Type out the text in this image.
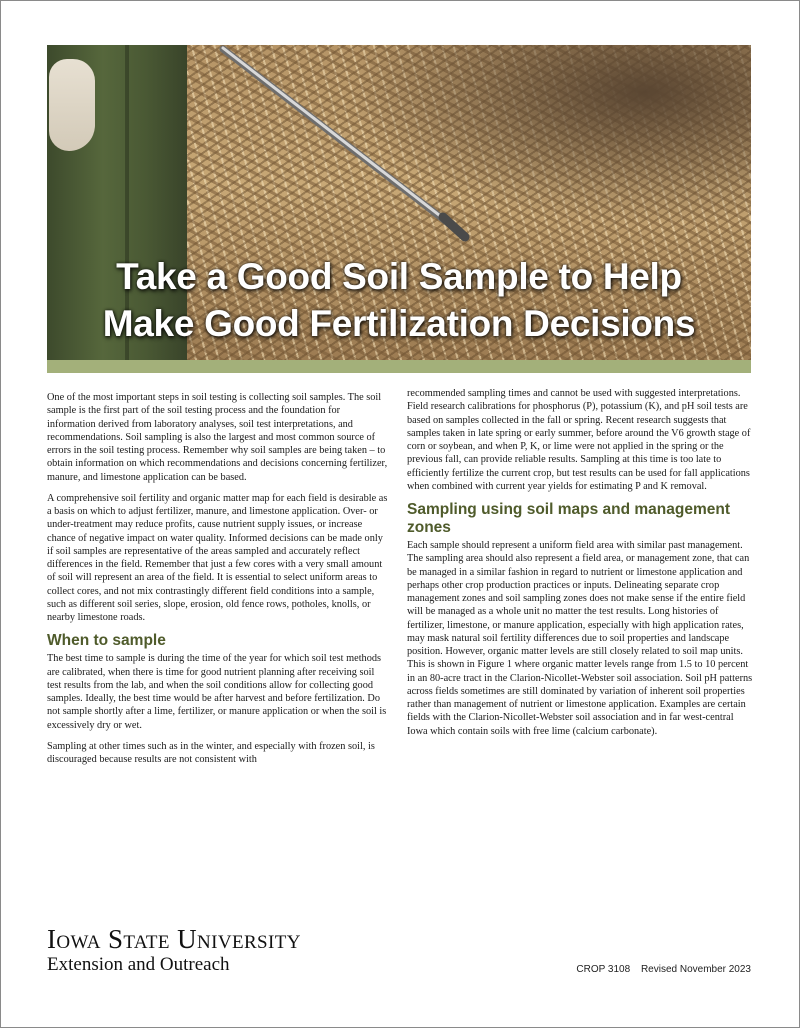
Take a Good Soil Sample to Help
Make Good Fertilization Decisions

One of the most important steps in soil testing is collecting soil samples. The soil sample is the first part of the soil testing process and the foundation for information derived from laboratory analyses, soil test interpretations, and recommendations. Soil sampling is also the largest and most common source of errors in the soil testing process. Remember why soil samples are being taken – to obtain information on which recommendations and decisions concerning fertilizer, manure, and limestone application can be based.

A comprehensive soil fertility and organic matter map for each field is desirable as a basis on which to adjust fertilizer, manure, and limestone application. Over- or under-treatment may reduce profits, cause nutrient supply issues, or increase chance of negative impact on water quality. Informed decisions can be made only if soil samples are representative of the areas sampled and accurately reflect differences in the field. Remember that just a few cores with a very small amount of soil will represent an area of the field. It is essential to select uniform areas to collect cores, and not mix contrastingly different field conditions into a sample, such as different soil series, slope, erosion, old fence rows, potholes, knolls, or nearby limestone roads.

When to sample

The best time to sample is during the time of the year for which soil test methods are calibrated, when there is time for good nutrient planning after receiving soil test results from the lab, and when the soil conditions allow for collecting good samples. Ideally, the best time would be after harvest and before fertilization. Do not sample shortly after a lime, fertilizer, or manure application or when the soil is excessively dry or wet.

Sampling at other times such as in the winter, and especially with frozen soil, is discouraged because results are not consistent with

recommended sampling times and cannot be used with suggested interpretations. Field research calibrations for phosphorus (P), potassium (K), and pH soil tests are based on samples collected in the fall or spring. Recent research suggests that samples taken in late spring or early summer, before around the V6 growth stage of corn or soybean, and when P, K, or lime were not applied in the spring or the previous fall, can provide reliable results. Sampling at this time is too late to efficiently fertilize the current crop, but test results can be used for fall applications when combined with current year yields for estimating P and K removal.

Sampling using soil maps and management zones

Each sample should represent a uniform field area with similar past management. The sampling area should also represent a field area, or management zone, that can be managed in a similar fashion in regard to nutrient or limestone application and perhaps other crop production practices or inputs. Delineating separate crop management zones and soil sampling zones does not make sense if the entire field will be managed as a whole unit no matter the test results. Long histories of fertilizer, limestone, or manure application, especially with high application rates, may mask natural soil fertility differences due to soil properties and landscape position. However, organic matter levels are still closely related to soil map units. This is shown in Figure 1 where organic matter levels range from 1.5 to 10 percent in an 80-acre tract in the Clarion-Nicollet-Webster soil association. Soil pH patterns across fields sometimes are still dominated by variation of inherent soil properties rather than management of nutrient or limestone application. Examples are certain fields with the Clarion-Nicollet-Webster soil association and in far west-central Iowa which contain soils with free lime (calcium carbonate).

Iowa State University
Extension and Outreach	CROP 3108 Revised November 2023
